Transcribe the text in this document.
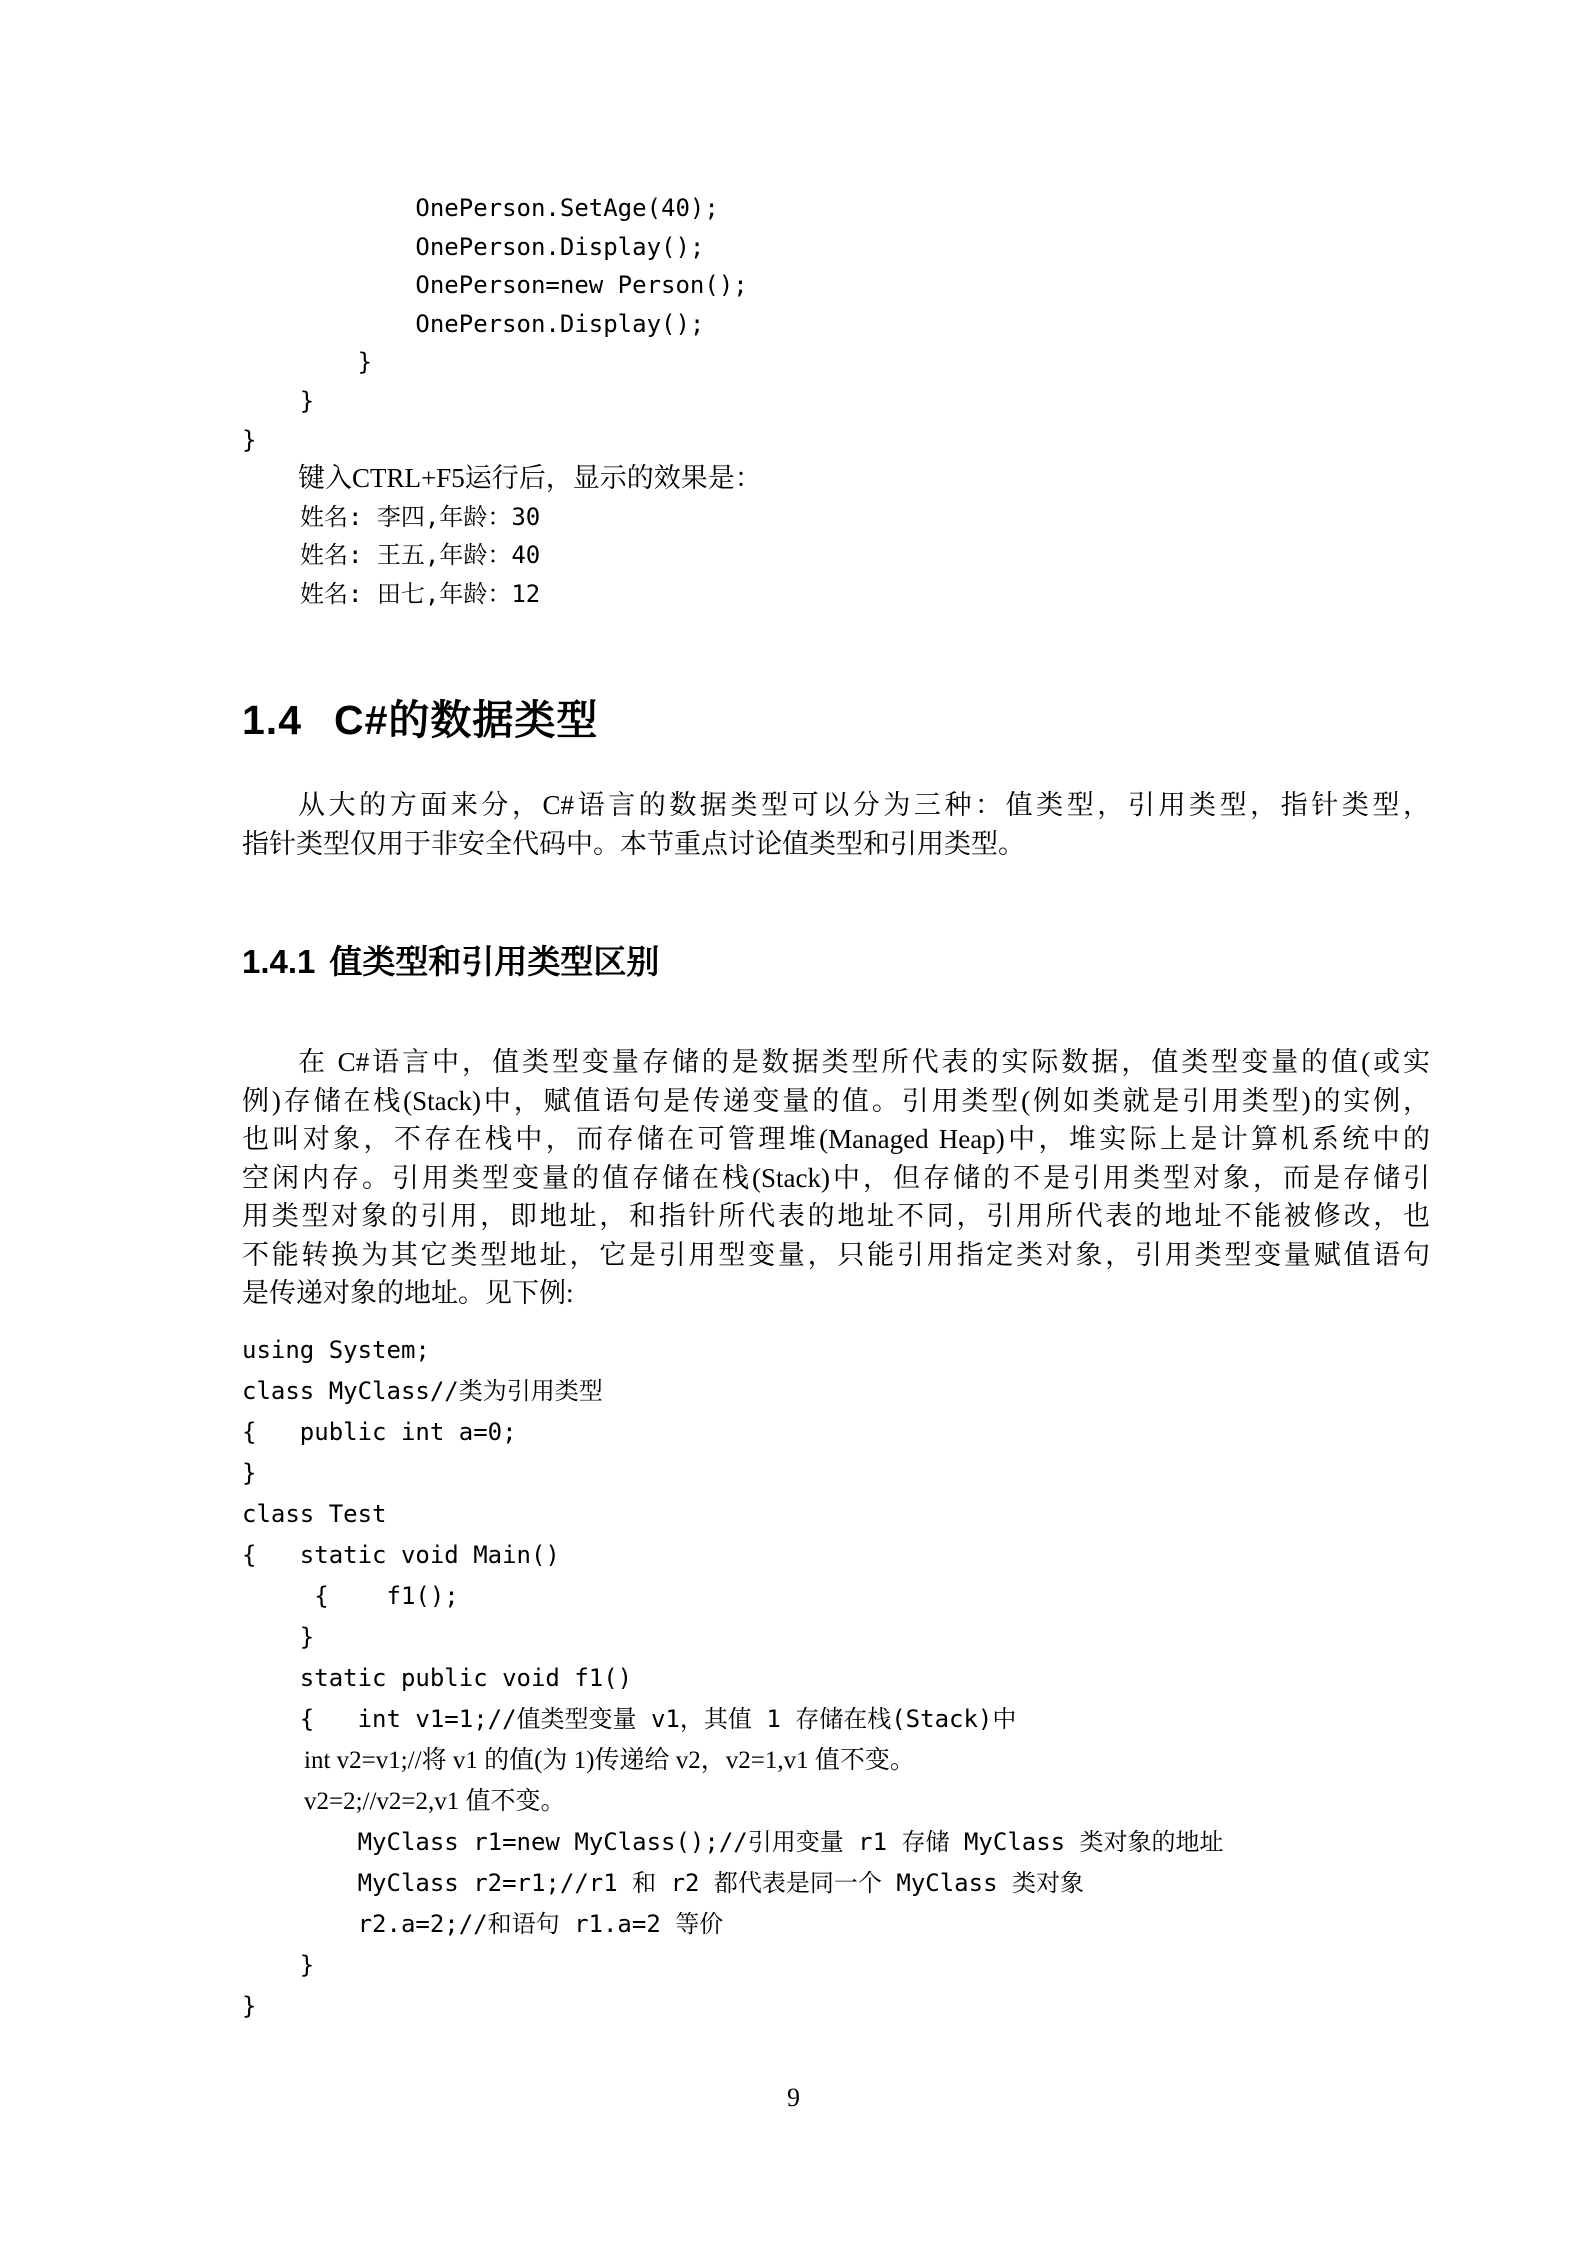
OnePerson.SetAge(40);
OnePerson.Display();
OnePerson=new Person();
OnePerson.Display();
}
}
}
键入CTRL+F5运行后，显示的效果是：
姓名: 李四,年龄：30
姓名: 王五,年龄：40
姓名: 田七,年龄：12
1.4 C#的数据类型
从大的方面来分，C#语言的数据类型可以分为三种：值类型，引用类型，指针类型，
指针类型仅用于非安全代码中。本节重点讨论值类型和引用类型。
1.4.1 值类型和引用类型区别
在 C#语言中，值类型变量存储的是数据类型所代表的实际数据，值类型变量的值(或实
例)存储在栈(Stack)中，赋值语句是传递变量的值。引用类型(例如类就是引用类型)的实例，
也叫对象，不存在栈中，而存储在可管理堆(Managed Heap)中，堆实际上是计算机系统中的
空闲内存。引用类型变量的值存储在栈(Stack)中，但存储的不是引用类型对象，而是存储引
用类型对象的引用，即地址，和指针所代表的地址不同，引用所代表的地址不能被修改，也
不能转换为其它类型地址，它是引用型变量，只能引用指定类对象，引用类型变量赋值语句
是传递对象的地址。见下例:
using System;
class MyClass//类为引用类型
{   public int a=0;
}
class Test
{   static void Main()
{    f1();
}
static public void f1()
{   int v1=1;//值类型变量 v1，其值 1 存储在栈(Stack)中
int v2=v1;//将 v1 的值(为 1)传递给 v2，v2=1,v1 值不变。
v2=2;//v2=2,v1 值不变。
MyClass r1=new MyClass();//引用变量 r1 存储 MyClass 类对象的地址
MyClass r2=r1;//r1 和 r2 都代表是同一个 MyClass 类对象
r2.a=2;//和语句 r1.a=2 等价
}
}
9
